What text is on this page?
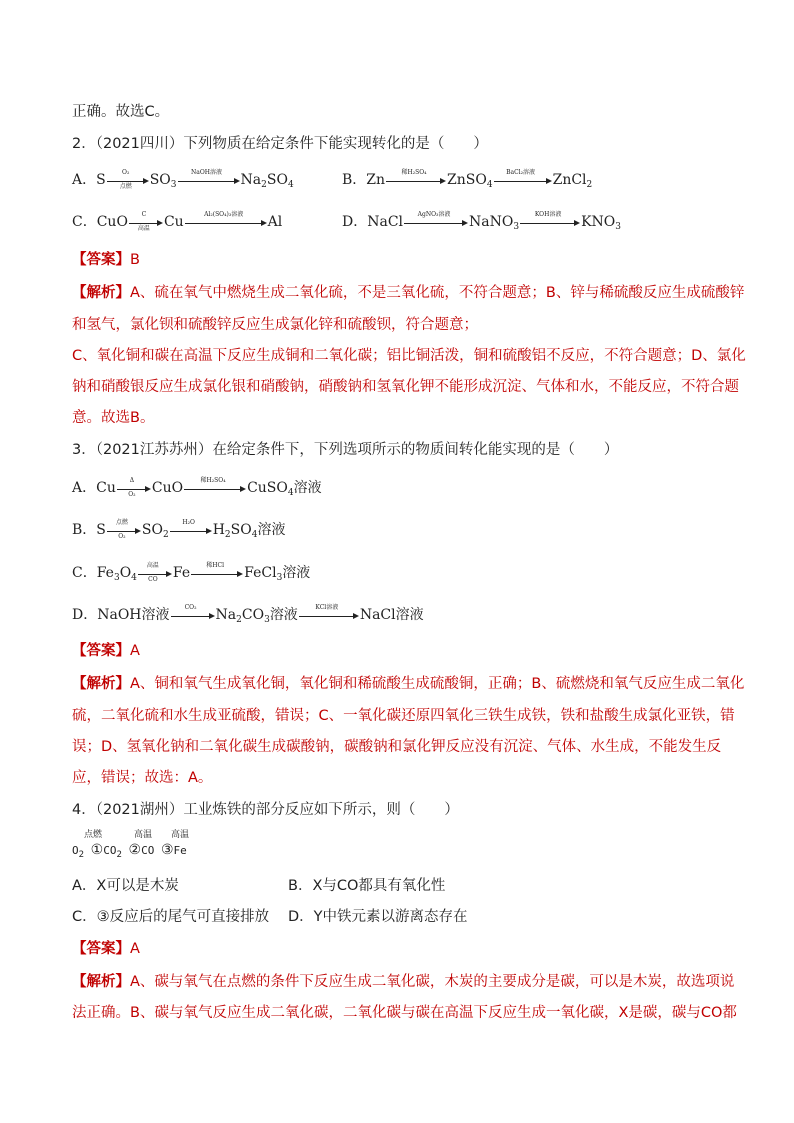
正确。故选C。
2．（2021四川）下列物质在给定条件下能实现转化的是（　　）
A．S	O₂
点燃	$SO_3$
NaOH溶液	$Na_2SO_4$	B．Zn	稀H₂SO₄	ZnSO$_4$
BaCl₂溶液	ZnCl$_2$
C．CuO	C
高温	Cu	Al₂(SO₄)₃溶液	Al	D．NaCl	AgNO₃溶液	NaNO$_3$
KOH溶液	$KNO_3$
【答案】B
【解析】A、硫在氧气中燃烧生成二氧化硫，不是三氧化硫，不符合题意；B、锌与稀硫酸反应生成硫酸锌
和氢气，氯化钡和硫酸锌反应生成氯化锌和硫酸钡，符合题意；
C、氧化铜和碳在高温下反应生成铜和二氧化碳；铝比铜活泼，铜和硫酸铝不反应，不符合题意；D、氯化
钠和硝酸银反应生成氯化银和硝酸钠，硝酸钠和氢氧化钾不能形成沉淀、气体和水，不能反应，不符合题
意。故选B。
3．（2021江苏苏州）在给定条件下，下列选项所示的物质间转化能实现的是（　　）
A．Cu $\frac{\Delta}{\text{O₂}}$ CuO	稀H₂SO₄	CuSO$_4$溶液
B．S	点燃
O₂	$SO_2$
H₂O	$H_2SO_4$溶液
C．$Fe_3O_4$
高温
CO	Fe	稀HCl	FeCl$_3$溶液
D．NaOH溶液	CO₂	$Na_2CO_3$溶液	KCl溶液	NaCl溶液
【答案】A
【解析】A、铜和氧气生成氧化铜，氧化铜和稀硫酸生成硫酸铜，正确；B、硫燃烧和氧气反应生成二氧化
硫，二氧化硫和水生成亚硫酸，错误；C、一氧化碳还原四氧化三铁生成铁，铁和盐酸生成氯化亚铁，错
误；D、氢氧化钠和二氧化碳生成碳酸钠，碳酸钠和氯化钾反应没有沉淀、气体、水生成，不能发生反
应，错误；故选：A。
4．（2021湖州）工业炼铁的部分反应如下所示，则（　　）
点燃	高温 高温
$O_2$ $①CO_2$ ②CO ③Fe
A．X可以是木炭	B．X与CO都具有氧化性
C．③反应后的尾气可直接排放 D．Y中铁元素以游离态存在
【答案】A
【解析】A、碳与氧气在点燃的条件下反应生成二氧化碳，木炭的主要成分是碳，可以是木炭，故选项说
法正确。B、碳与氧气反应生成二氧化碳，二氧化碳与碳在高温下反应生成一氧化碳，X是碳，碳与CO都
